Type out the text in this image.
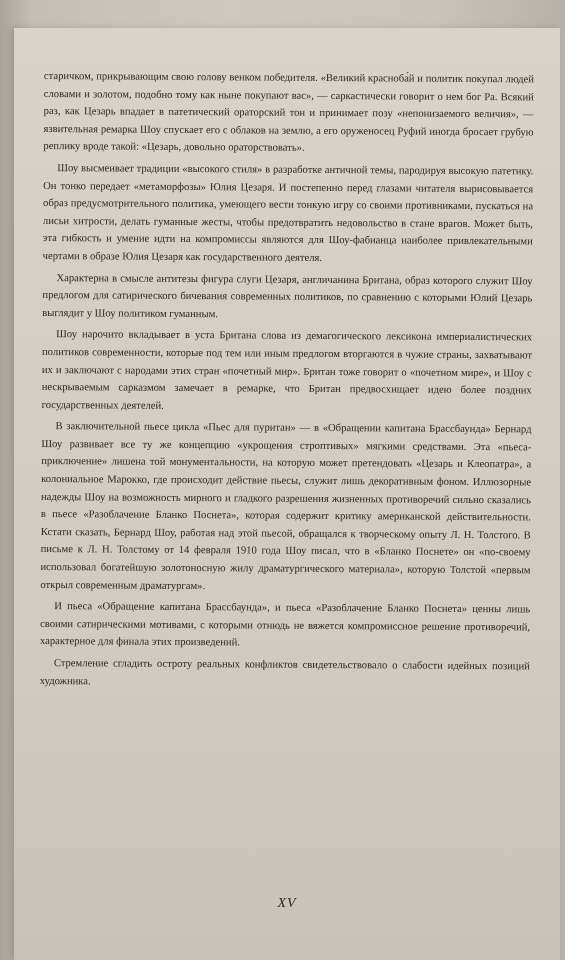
старичком, прикрывающим свою голову венком победителя. «Великий красноба́й и политик покупал людей словами и золотом, подобно тому как ныне покупают вас», — саркастически говорит о нем бог Ра. Всякий раз, как Цезарь впадает в патетический ораторский тон и принимает позу «непонизаемого величия», — язвительная ремарка Шоу спускает его с облаков на землю, а его оруженосец Руфий иногда бросает грубую реплику вроде такой: «Цезарь, довольно ораторствовать».

Шоу высмеивает традиции «высокого стиля» в разработке античной темы, пародируя высокую патетику. Он тонко передает «метаморфозы» Юлия Цезаря. И постепенно перед глазами читателя вырисовывается образ предусмотрительного политика, умеющего вести тонкую игру со своими противниками, пускаться на лисьи хитрости, делать гуманные жесты, чтобы предотвратить недовольство в стане врагов. Может быть, эта гибкость и умение идти на компромиссы являются для Шоу-фабианца наиболее привлекательными чертами в образе Юлия Цезаря как государственного деятеля.

Характерна в смысле антитезы фигура слуги Цезаря, англичанина Британа, образ которого служит Шоу предлогом для сатирического бичевания современных политиков, по сравнению с которыми Юлий Цезарь выглядит у Шоу политиком гуманным.

Шоу нарочито вкладывает в уста Британа слова из демагогического лексикона империалистических политиков современности, которые под тем или иным предлогом вторгаются в чужие страны, захватывают их и заключают с народами этих стран «почетный мир». Британ тоже говорит о «почетном мире», и Шоу с нескрываемым сарказмом замечает в ремарке, что Британ предвосхищает идею более поздних государственных деятелей.

В заключительной пьесе цикла «Пьес для пуритан» — в «Обращении капитана Брассбаунда» Бернард Шоу развивает все ту же концепцию «укрощения строптивых» мягкими средствами. Эта «пьеса-приключение» лишена той монументальности, на которую может претендовать «Цезарь и Клеопатра», а колониальное Марокко, где происходит действие пьесы, служит лишь декоративным фоном. Иллюзорные надежды Шоу на возможность мирного и гладкого разрешения жизненных противоречий сильно сказались в пьесе «Разоблачение Бланко Поснета», которая содержит критику американской действительности. Кстати сказать, Бернард Шоу, работая над этой пьесой, обращался к творческому опыту Л. Н. Толстого. В письме к Л. Н. Толстому от 14 февраля 1910 года Шоу писал, что в «Бланко Поснете» он «по-своему использовал богатейшую золотоносную жилу драматургического материала», которую Толстой «первым открыл современным драматургам».

И пьеса «Обращение капитана Брассбаунда», и пьеса «Разоблачение Бланко Поснета» ценны лишь своими сатирическими мотивами, с которыми отнюдь не вяжется компромиссное решение противоречий, характерное для финала этих произведений.

Стремление сгладить остроту реальных конфликтов свидетельствовало о слабости идейных позиций художника.

XV
